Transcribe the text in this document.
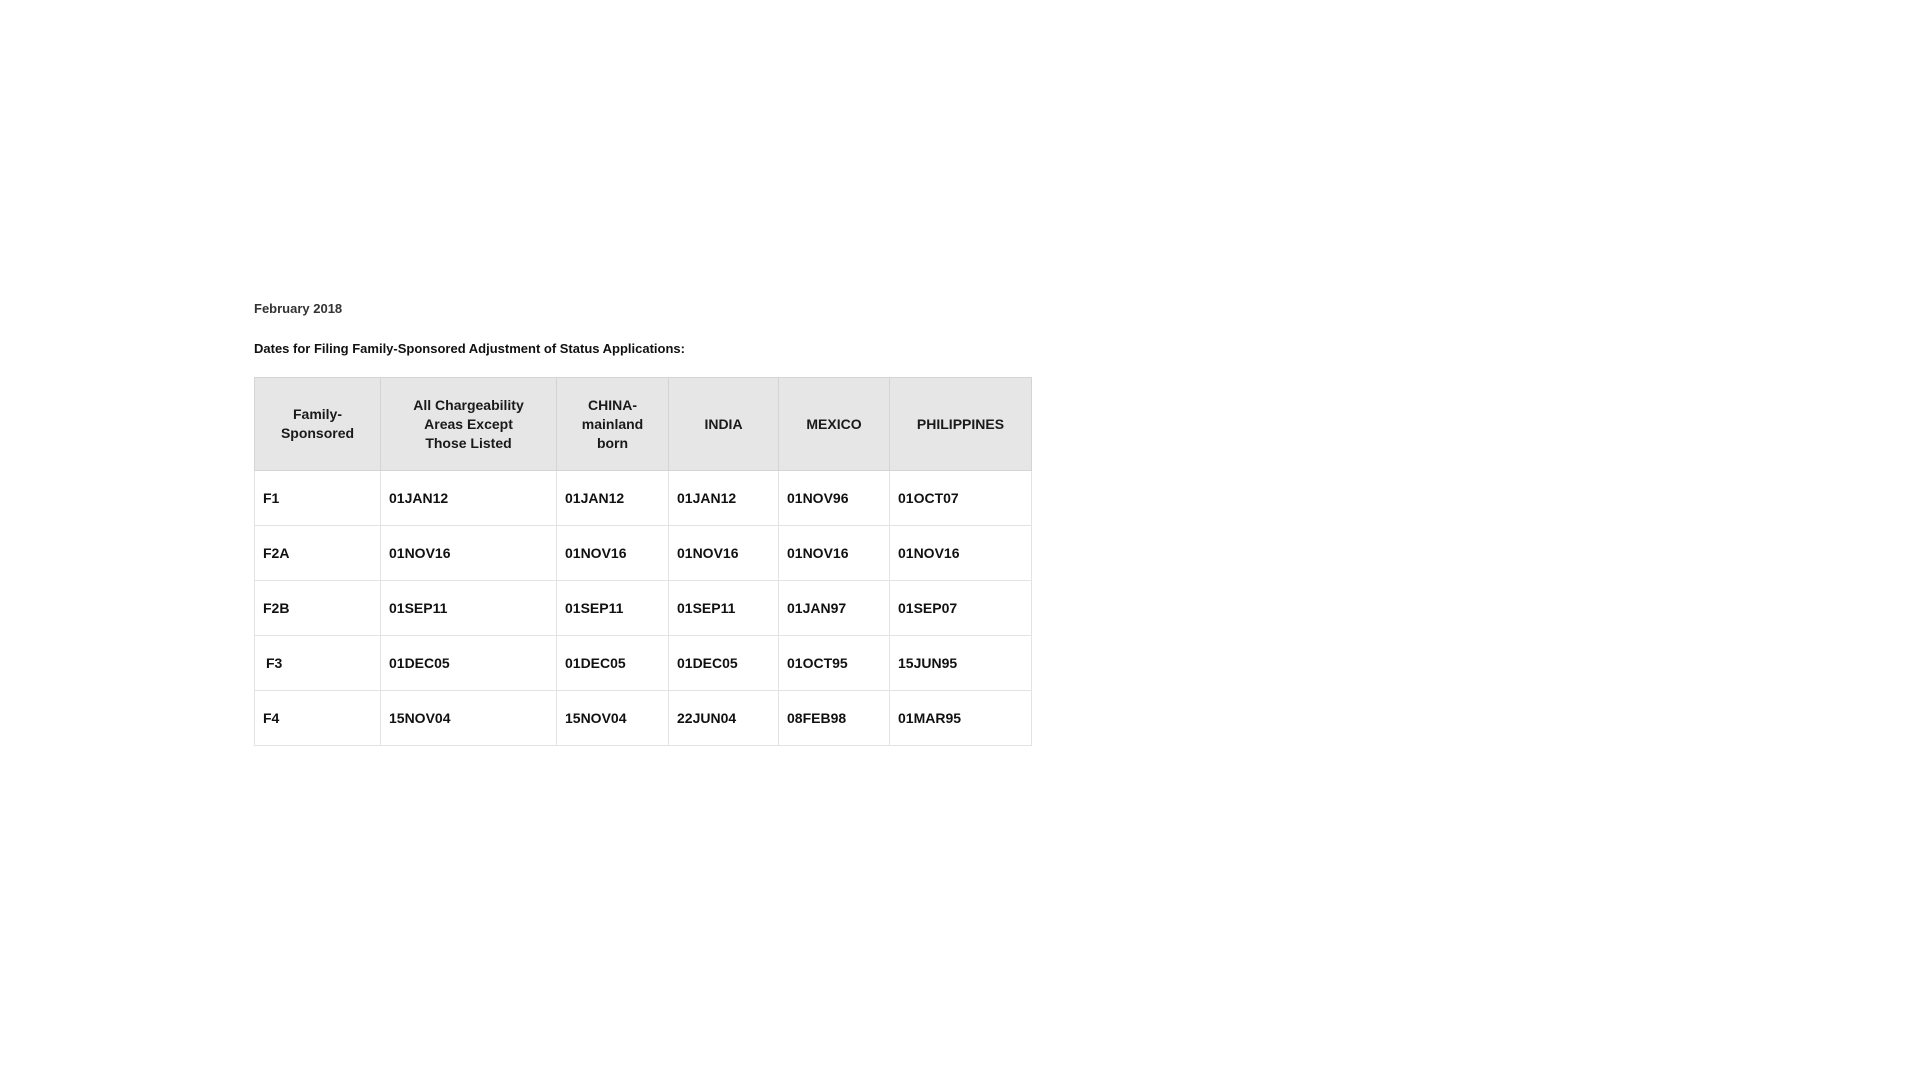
February 2018
Dates for Filing Family-Sponsored Adjustment of Status Applications:
Family-
Sponsored	All Chargeability
Areas Except
Those Listed	CHINA-
mainland
born	INDIA	MEXICO	PHILIPPINES
F1	01JAN12	01JAN12	01JAN12	01NOV96	01OCT07
F2A	01NOV16	01NOV16	01NOV16	01NOV16	01NOV16
F2B	01SEP11	01SEP11	01SEP11	01JAN97	01SEP07
F3	01DEC05	01DEC05	01DEC05	01OCT95	15JUN95
F4	15NOV04	15NOV04	22JUN04	08FEB98	01MAR95
